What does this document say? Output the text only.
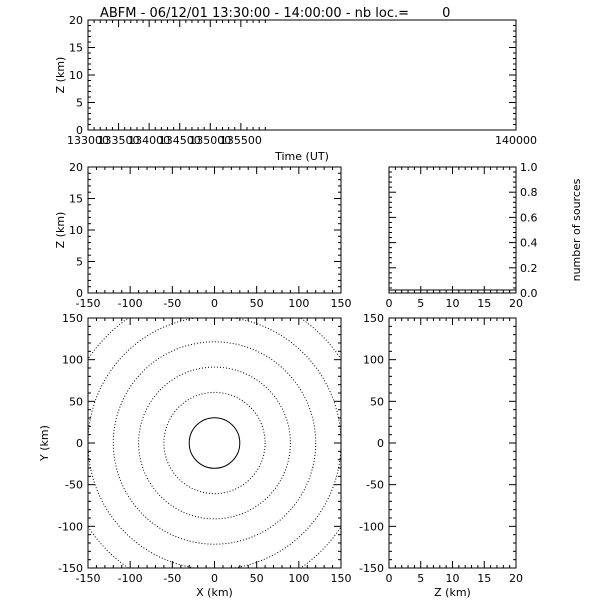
ABFM - 06/12/01 13:30:00 - 14:00:00 - nb loc.=        0
133000
133500
134000
134500
135000
135500	140000
0
5
10
15
20
Time (UT)
Z (km)
-150 -100 -50	0	50 100 150
0
5
10
15
20
Z (km)
0 5 10 15 20
0.0
0.2
0.4
0.6
0.8
1.0
number of sources
-150 -100 -50	0	50 100 150
-150
-100
-50
0
50
100
150
X (km)
Y (km)
0 5 10 15 20
-150
-100
-50
0
50
100
150
Z (km)
